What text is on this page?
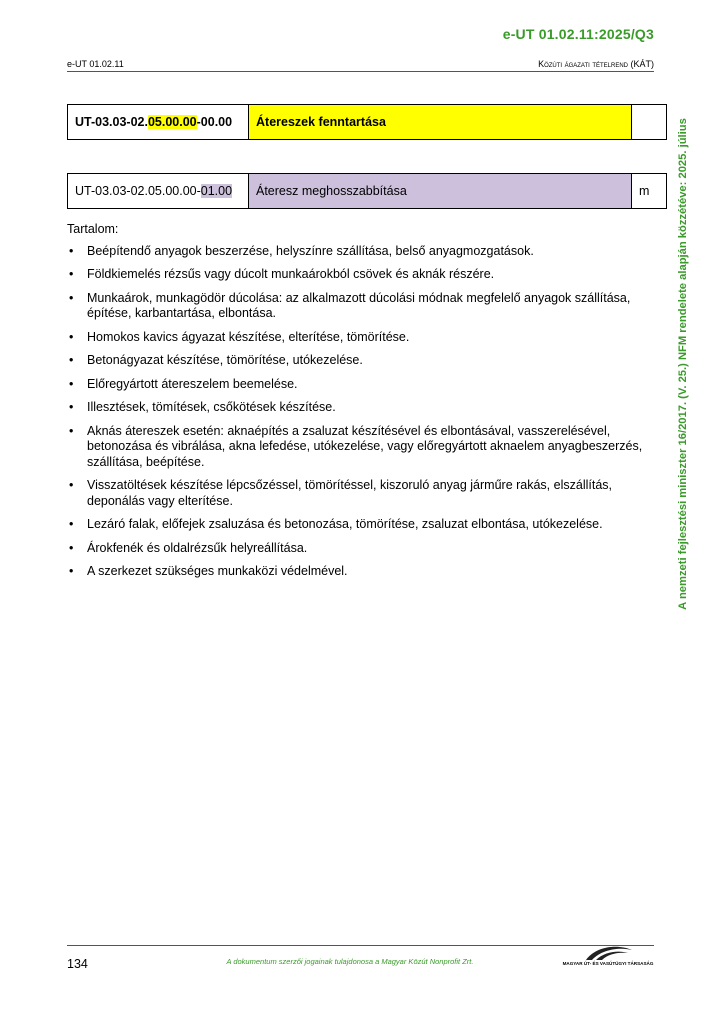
e-UT 01.02.11:2025/Q3
e-UT 01.02.11	Közúti ágazati tételrend (KÁT)
UT-03.03-02.05.00.00-00.00	Átereszek fenntartása	
UT-03.03-02.05.00.00-01.00	Áteresz meghosszabbítása	m

Tartalom:

• Beépítendő anyagok beszerzése, helyszínre szállítása, belső anyagmozgatások.
• Földkiemelés rézsűs vagy dúcolt munkaárokból csövek és aknák részére.
• Munkaárok, munkagödör dúcolása: az alkalmazott dúcolási módnak megfelelő anyagok szállítása, építése, karbantartása, elbontása.
• Homokos kavics ágyazat készítése, elterítése, tömörítése.
• Betonágyazat készítése, tömörítése, utókezelése.
• Előregyártott átereszelem beemelése.
• Illesztések, tömítések, csőkötések készítése.
• Aknás átereszek esetén: aknaépítés a zsaluzat készítésével és elbontásával, vasszerelésével, betonozása és vibrálása, akna lefedése, utókezelése, vagy előregyártott aknaelem anyagbeszerzés, szállítása, beépítése.
• Visszatöltések készítése lépcsőzéssel, tömörítéssel, kiszoruló anyag járműre rakás, elszállítás, deponálás vagy elterítése.
• Lezáró falak, előfejek zsaluzása és betonozása, tömörítése, zsaluzat elbontása, utókezelése.
• Árokfenék és oldalrézsűk helyreállítása.
• A szerkezet szükséges munkaközi védelmével.	A nemzeti fejlesztési miniszter 16/2017. (V. 25.) NFM rendelete alapján közzétéve: 2025. július
134	A dokumentum szerzői jogainak tulajdonosa a Magyar Közút Nonprofit Zrt.	MAGYAR ÚT- ÉS VASÚTÜGYI TÁRSASÁG
